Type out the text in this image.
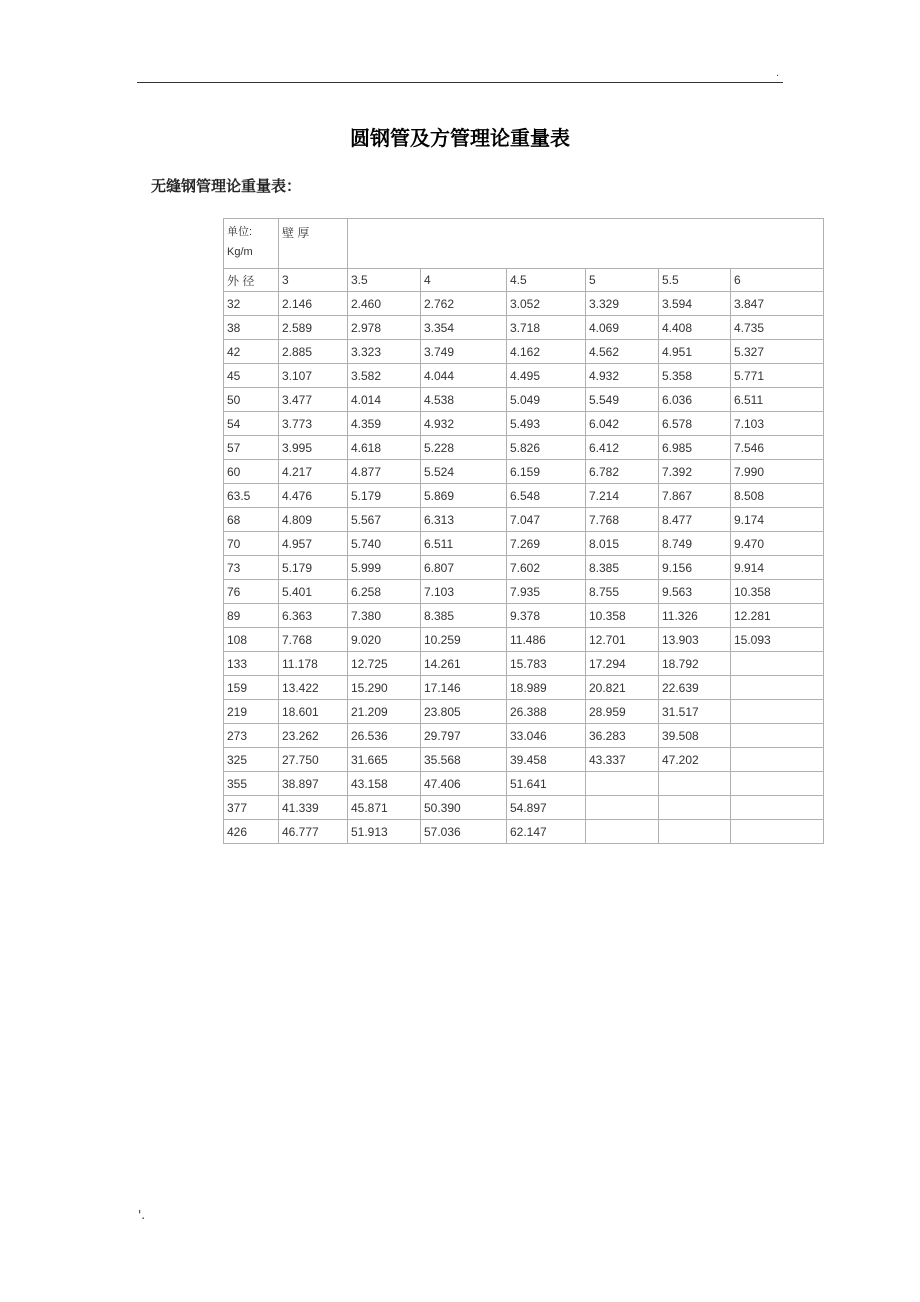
.
圆钢管及方管理论重量表
无缝钢管理论重量表：
单位:
Kg/m	壁 厚						
外 径	3	3.5	4	4.5	5	5.5	6
32	2.146	2.460	2.762	3.052	3.329	3.594	3.847
38	2.589	2.978	3.354	3.718	4.069	4.408	4.735
42	2.885	3.323	3.749	4.162	4.562	4.951	5.327
45	3.107	3.582	4.044	4.495	4.932	5.358	5.771
50	3.477	4.014	4.538	5.049	5.549	6.036	6.511
54	3.773	4.359	4.932	5.493	6.042	6.578	7.103
57	3.995	4.618	5.228	5.826	6.412	6.985	7.546
60	4.217	4.877	5.524	6.159	6.782	7.392	7.990
63.5	4.476	5.179	5.869	6.548	7.214	7.867	8.508
68	4.809	5.567	6.313	7.047	7.768	8.477	9.174
70	4.957	5.740	6.511	7.269	8.015	8.749	9.470
73	5.179	5.999	6.807	7.602	8.385	9.156	9.914
76	5.401	6.258	7.103	7.935	8.755	9.563	10.358
89	6.363	7.380	8.385	9.378	10.358	11.326	12.281
108	7.768	9.020	10.259	11.486	12.701	13.903	15.093
133	11.178	12.725	14.261	15.783	17.294	18.792	
159	13.422	15.290	17.146	18.989	20.821	22.639	
219	18.601	21.209	23.805	26.388	28.959	31.517	
273	23.262	26.536	29.797	33.046	36.283	39.508	
325	27.750	31.665	35.568	39.458	43.337	47.202	
355	38.897	43.158	47.406	51.641			
377	41.339	45.871	50.390	54.897			
426	46.777	51.913	57.036	62.147			
'.
